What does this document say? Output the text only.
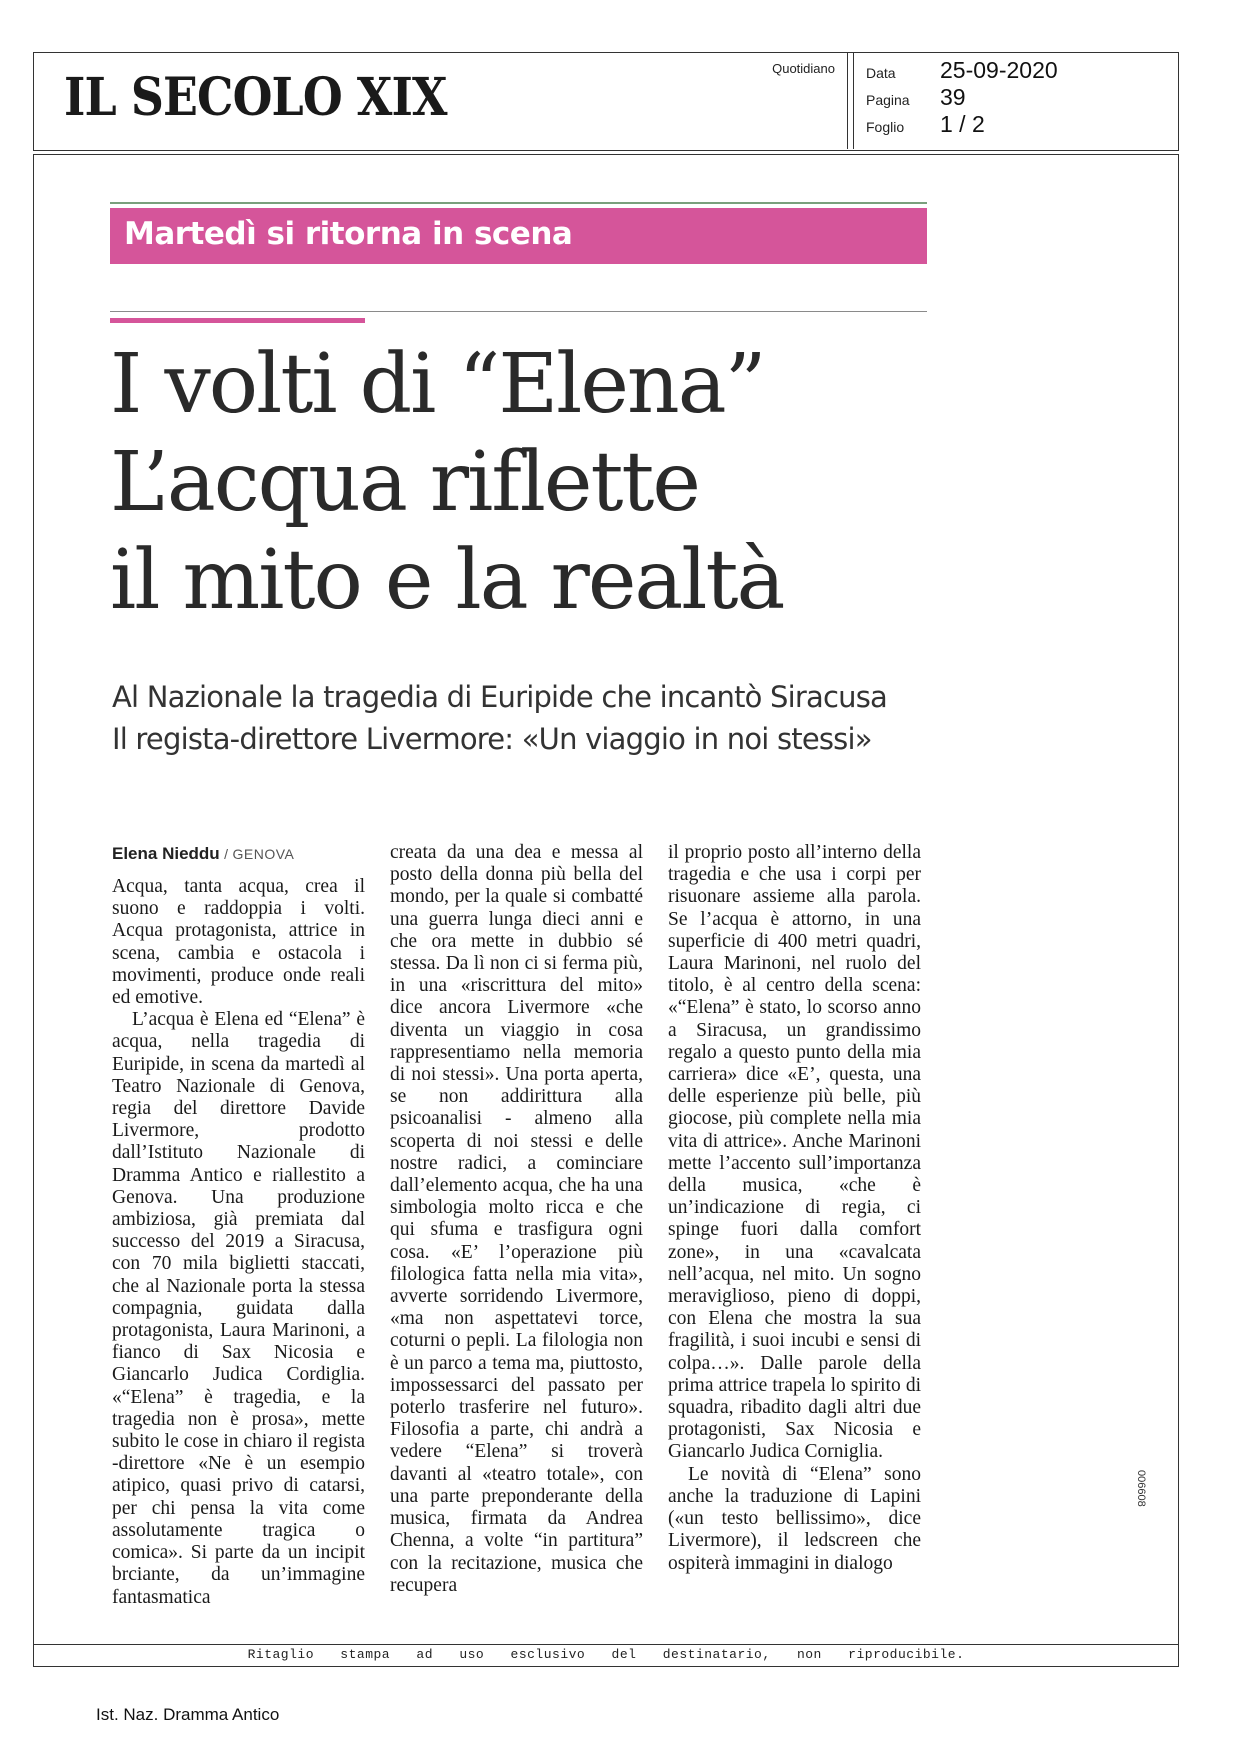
IL SECOLO XIX	Quotidiano Data 25-09-2020
Pagina 39
Foglio 1 / 2
Martedì si ritorna in scena
I volti di “Elena”
L’acqua riflette
il mito e la realtà
Al Nazionale la tragedia di Euripide che incantò Siracusa
Il regista-direttore Livermore: «Un viaggio in noi stessi»
Elena Nieddu / GENOVA

Acqua, tanta acqua, crea il suono e raddoppia i volti. Acqua protagonista, attrice in scena, cambia e ostacola i movimenti, produce onde reali ed emotive.

L’acqua è Elena ed “Elena” è acqua, nella tragedia di Euripide, in scena da martedì al Teatro Nazionale di Genova, regia del direttore Davide Livermore, prodotto dall’Istituto Nazionale di Dramma Antico e riallestito a Genova. Una produzione ambiziosa, già premiata dal successo del 2019 a Siracusa, con 70 mila biglietti staccati, che al Nazionale porta la stessa compagnia, guidata dalla protagonista, Laura Marinoni, a fianco di Sax Nicosia e Giancarlo Judica Cordiglia. «“Elena” è tragedia, e la tragedia non è prosa», mette subito le cose in chiaro il regista -direttore «Ne è un esempio atipico, quasi privo di catarsi, per chi pensa la vita come assolutamente tragica o comica». Si parte da un incipit brciante, da un’immagine fantasmatica

creata da una dea e messa al posto della donna più bella del mondo, per la quale si combatté una guerra lunga dieci anni e che ora mette in dubbio sé stessa. Da lì non ci si ferma più, in una «riscrittura del mito» dice ancora Livermore «che diventa un viaggio in cosa rappresentiamo nella memoria di noi stessi». Una porta aperta, se non addirittura alla psicoanalisi - almeno alla scoperta di noi stessi e delle nostre radici, a cominciare dall’elemento acqua, che ha una simbologia molto ricca e che qui sfuma e trasfigura ogni cosa. «E’ l’operazione più filologica fatta nella mia vita», avverte sorridendo Livermore, «ma non aspettatevi torce, coturni o pepli. La filologia non è un parco a tema ma, piuttosto, impossessarci del passato per poterlo trasferire nel futuro». Filosofia a parte, chi andrà a vedere “Elena” si troverà davanti al «teatro totale», con una parte preponderante della musica, firmata da Andrea Chenna, a volte “in partitura” con la recitazione, musica che recupera

il proprio posto all’interno della tragedia e che usa i corpi per risuonare assieme alla parola. Se l’acqua è attorno, in una superficie di 400 metri quadri, Laura Marinoni, nel ruolo del titolo, è al centro della scena: «“Elena” è stato, lo scorso anno a Siracusa, un grandissimo regalo a questo punto della mia carriera» dice «E’, questa, una delle esperienze più belle, più giocose, più complete nella mia vita di attrice». Anche Marinoni mette l’accento sull’importanza della musica, «che è un’indicazione di regia, ci spinge fuori dalla comfort zone», in una «cavalcata nell’acqua, nel mito. Un sogno meraviglioso, pieno di doppi, con Elena che mostra la sua fragilità, i suoi incubi e sensi di colpa…». Dalle parole della prima attrice trapela lo spirito di squadra, ribadito dagli altri due protagonisti, Sax Nicosia e Giancarlo Judica Corniglia.

Le novità di “Elena” sono anche la traduzione di Lapini («un testo bellissimo», dice Livermore), il ledscreen che ospiterà immagini in dialogo

006608
Ritaglio stampa ad uso esclusivo del destinatario, non riproducibile.
Ist. Naz. Dramma Antico
